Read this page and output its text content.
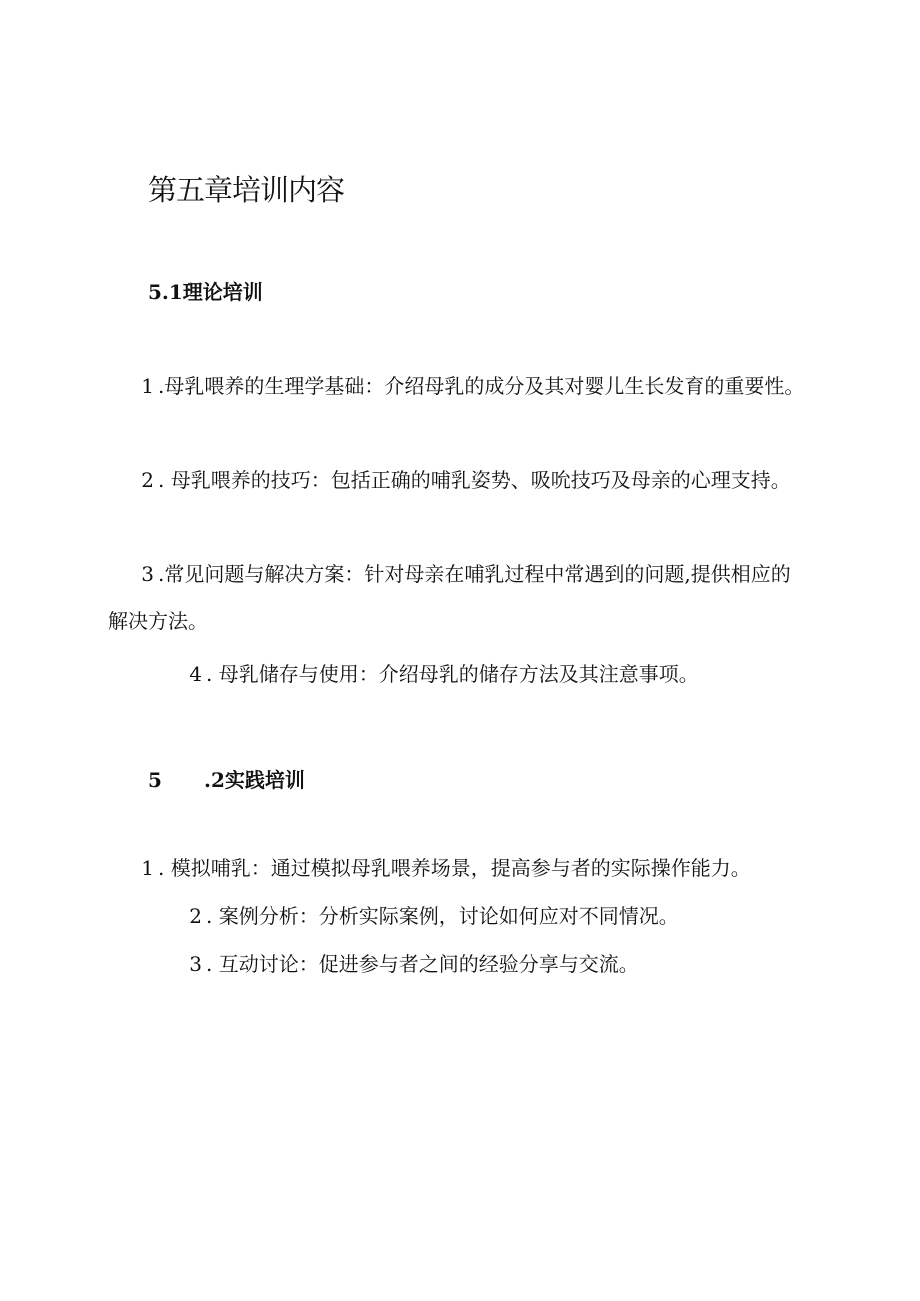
第五章培训内容
5.1理论培训

1 .母乳喂养的生理学基础：介绍母乳的成分及其对婴儿生长发育的重要性。

2 . 母乳喂养的技巧：包括正确的哺乳姿势、吸吮技巧及母亲的心理支持。

3 .常见问题与解决方案：针对母亲在哺乳过程中常遇到的问题,提供相应的解决方法。

4 . 母乳储存与使用：介绍母乳的储存方法及其注意事项。

5 .2实践培训

1 . 模拟哺乳：通过模拟母乳喂养场景，提高参与者的实际操作能力。

2 . 案例分析：分析实际案例，讨论如何应对不同情况。

3 . 互动讨论：促进参与者之间的经验分享与交流。
